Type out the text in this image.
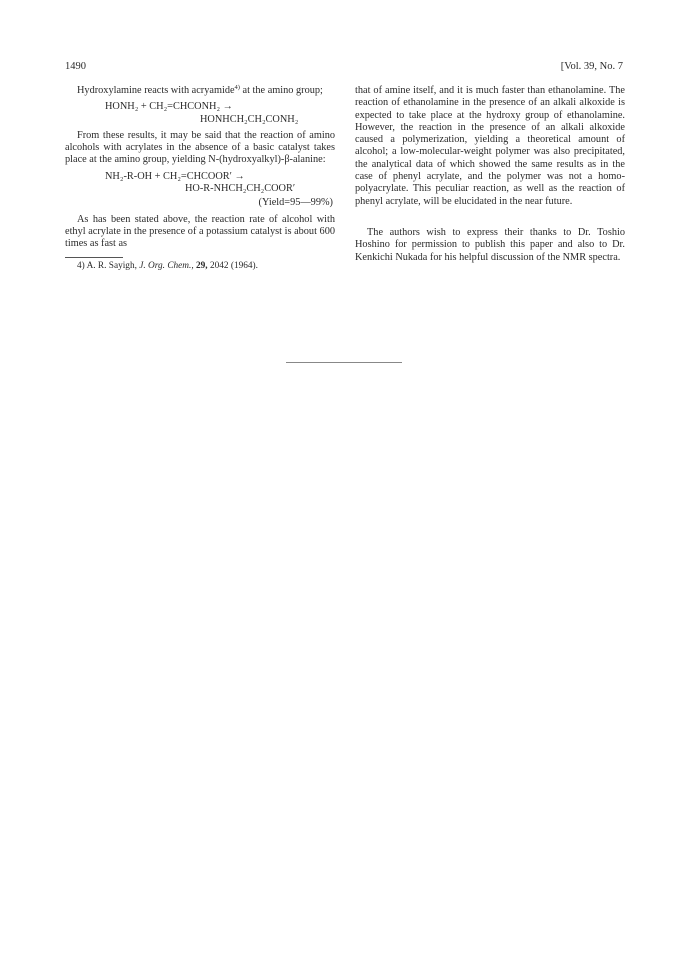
1490	[Vol. 39, No. 7

Hydroxylamine reacts with acryamide$^{4)}$ at the amino group;

HONH₂ + CH₂=CHCONH₂ →
HONHCH₂CH₂CONH₂

From these results, it may be said that the reaction of amino alcohols with acrylates in the absence of a basic catalyst takes place at the amino group, yielding N-(hydroxyalkyl)-β-alanine:

NH₂-R-OH + CH₂=CHCOOR′ →
HO-R-NHCH₂CH₂COOR′
(Yield=95—99%)

As has been stated above, the reaction rate of alcohol with ethyl acrylate in the presence of a potassium catalyst is about 600 times as fast as

4) A. R. Sayigh, J. Org. Chem., 29, 2042 (1964).

that of amine itself, and it is much faster than ethanolamine. The reaction of ethanolamine in the presence of an alkali alkoxide is expected to take place at the hydroxy group of ethanolamine. However, the reaction in the presence of an alkali alkoxide caused a polymerization, yielding a theoretical amount of alcohol; a low-molecular-weight polymer was also precipitated, the analytical data of which showed the same results as in the case of phenyl acrylate, and the polymer was not a homo-polyacrylate. This peculiar reaction, as well as the reaction of phenyl acrylate, will be elucidated in the near future.

The authors wish to express their thanks to Dr. Toshio Hoshino for permission to publish this paper and also to Dr. Kenkichi Nukada for his helpful discussion of the NMR spectra.
